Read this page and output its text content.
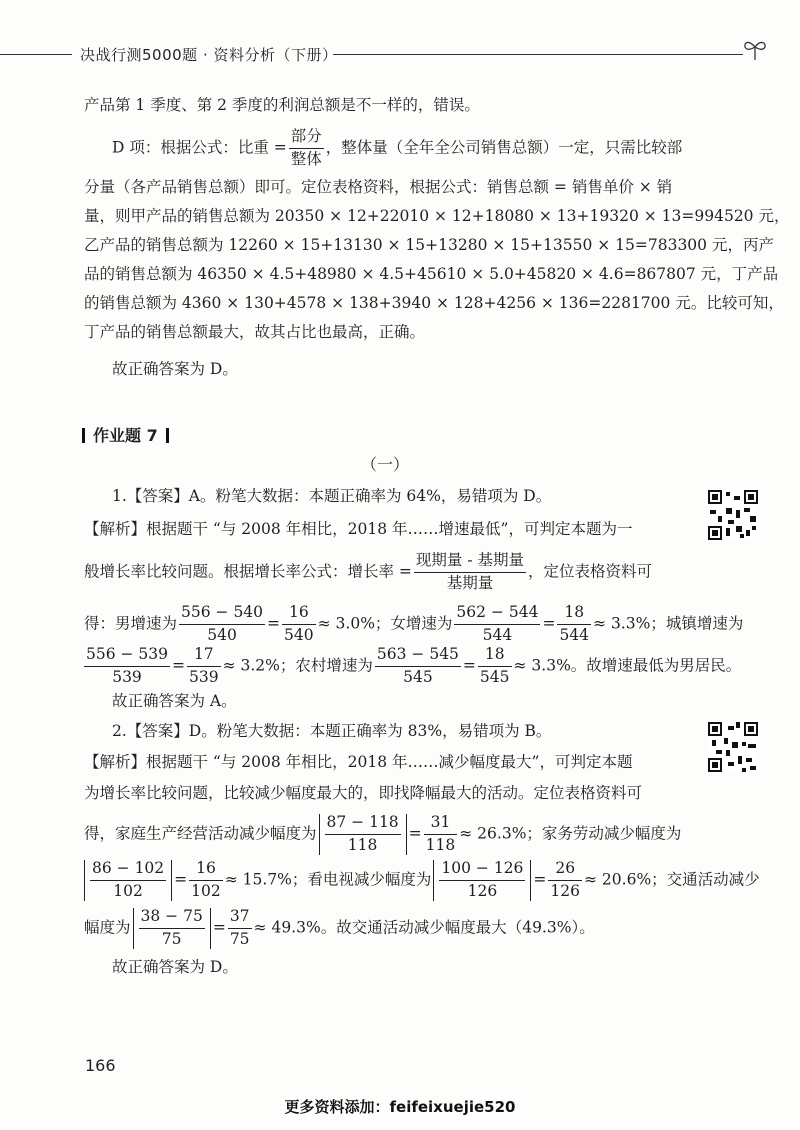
决战行测5000题 · 资料分析（下册）
产品第 1 季度、第 2 季度的利润总额是不一样的，错误。
D 项：根据公式：比重 = $\frac{\text{部分}}{\text{整体}}$ ，整体量（全年全公司销售总额）一定，只需比较部
分量（各产品销售总额）即可。定位表格资料，根据公式：销售总额 = 销售单价 × 销
量，则甲产品的销售总额为 20350 × 12+22010 × 12+18080 × 13+19320 × 13=994520 元，
乙产品的销售总额为 12260 × 15+13130 × 15+13280 × 15+13550 × 15=783300 元，丙产
品的销售总额为 46350 × 4.5+48980 × 4.5+45610 × 5.0+45820 × 4.6=867807 元，丁产品
的销售总额为 4360 × 130+4578 × 138+3940 × 128+4256 × 136=2281700 元。比较可知，
丁产品的销售总额最大，故其占比也最高，正确。
故正确答案为 D。
作业题 7
（一）
1.【答案】A。粉笔大数据：本题正确率为 64%，易错项为 D。
【解析】根据题干 “与 2008 年相比，2018 年……增速最低”，可判定本题为一
般增长率比较问题。根据增长率公式：增长率 = $\frac{\text{现期量 - 基期量}}{\text{基期量}}$ ，定位表格资料可
得：男增速为 $\frac{556 - 540}{540} = \frac{16}{540} \approx 3.0\%$；女增速为 $\frac{562 - 544}{544} = \frac{18}{544} \approx 3.3\%$；城镇增速为
$\frac{556 - 539}{539} = \frac{17}{539} \approx 3.2\%$；农村增速为 $\frac{563 - 545}{545} = \frac{18}{545} \approx 3.3\%$。故增速最低为男居民。
故正确答案为 A。
2.【答案】D。粉笔大数据：本题正确率为 83%，易错项为 B。
【解析】根据题干 “与 2008 年相比，2018 年……减少幅度最大”，可判定本题
为增长率比较问题，比较减少幅度最大的，即找降幅最大的活动。定位表格资料可
得，家庭生产经营活动减少幅度为 $\frac{87 - 118}{118} = \frac{31}{118} \approx 26.3\%$；家务劳动减少幅度为
$\frac{86 - 102}{102} = \frac{16}{102} \approx 15.7\%$；看电视减少幅度为 $\frac{100 - 126}{126} = \frac{26}{126} \approx 20.6\%$；交通活动减少
幅度为 $\frac{38 - 75}{75} = \frac{37}{75} \approx 49.3\%$。故交通活动减少幅度最大（49.3%）。
故正确答案为 D。
166
更多资料添加：feifeixuejie520
